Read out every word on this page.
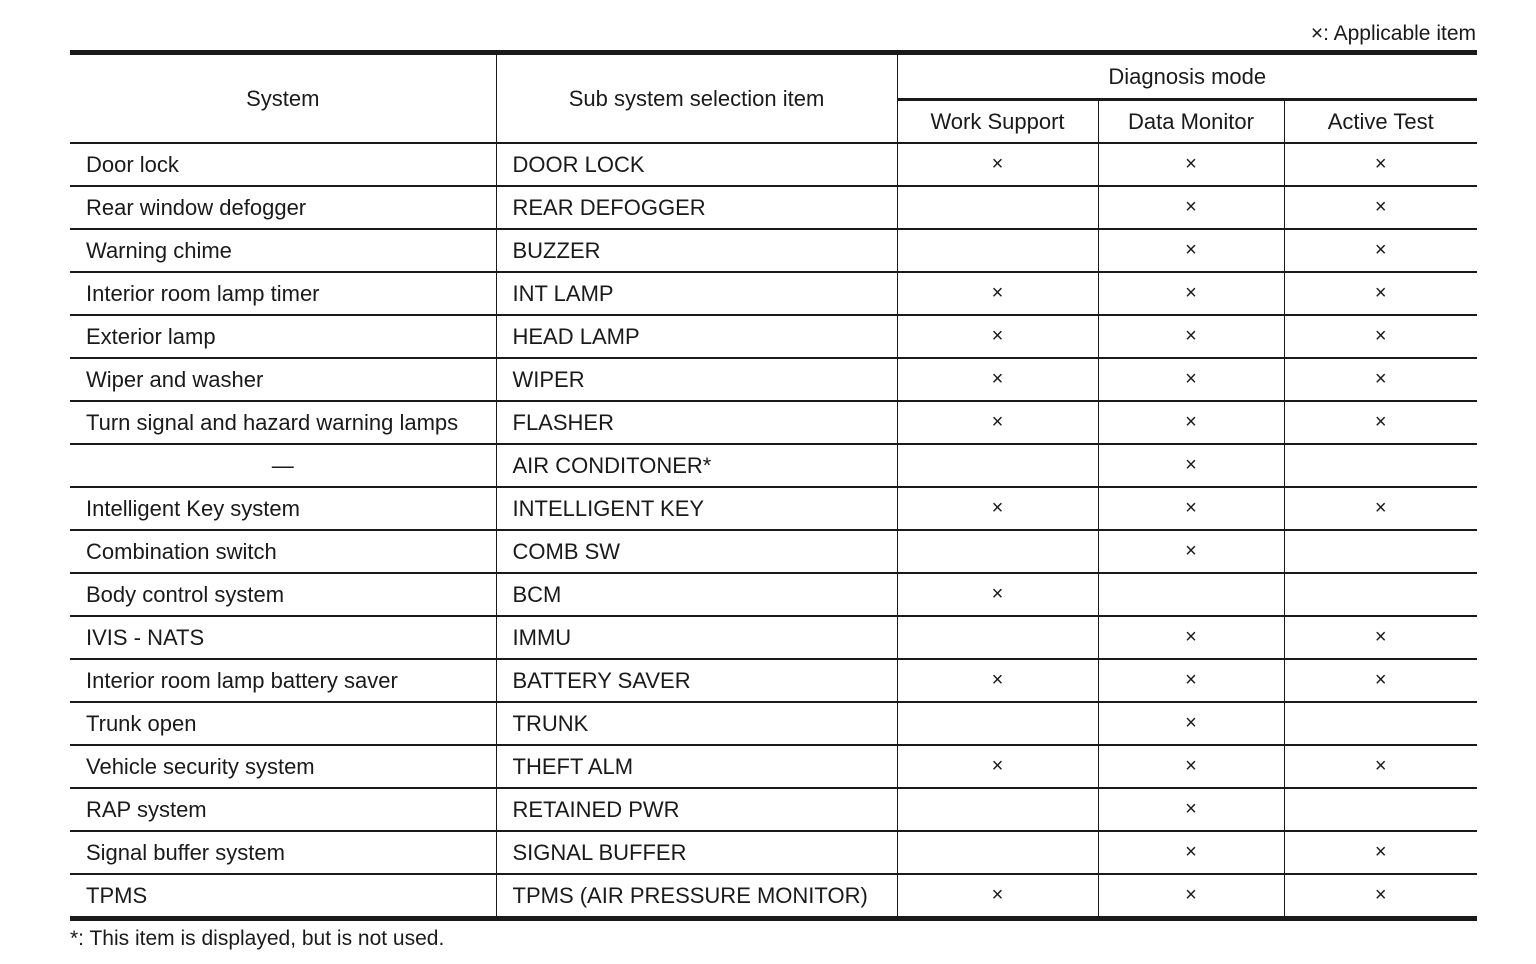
×: Applicable item
System	Sub system selection item	Diagnosis mode		
		Work Support	Data Monitor	Active Test
Door lock	DOOR LOCK	×	×	×
Rear window defogger	REAR DEFOGGER		×	×
Warning chime	BUZZER		×	×
Interior room lamp timer	INT LAMP	×	×	×
Exterior lamp	HEAD LAMP	×	×	×
Wiper and washer	WIPER	×	×	×
Turn signal and hazard warning lamps	FLASHER	×	×	×
—	AIR CONDITONER*		×	
Intelligent Key system	INTELLIGENT KEY	×	×	×
Combination switch	COMB SW		×	
Body control system	BCM	×		
IVIS - NATS	IMMU		×	×
Interior room lamp battery saver	BATTERY SAVER	×	×	×
Trunk open	TRUNK		×	
Vehicle security system	THEFT ALM	×	×	×
RAP system	RETAINED PWR		×	
Signal buffer system	SIGNAL BUFFER		×	×
TPMS	TPMS (AIR PRESSURE MONITOR)	×	×	×
*: This item is displayed, but is not used.
